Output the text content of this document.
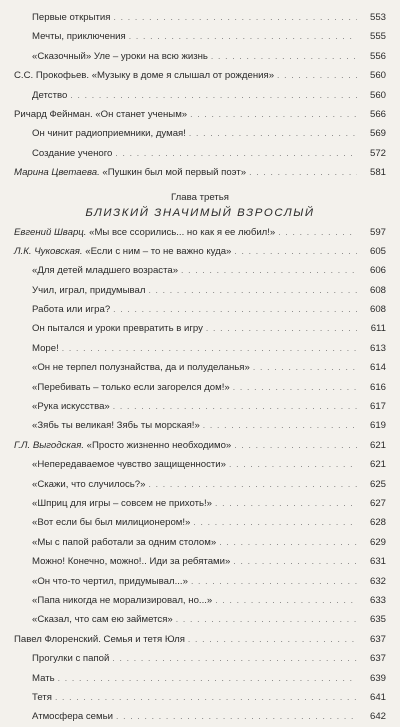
Первые открытия . . .	553
Мечты, приключения . . .	555
«Сказочный» Уле – уроки на всю жизнь . . .	556
С.С. Прокофьев. «Музыку в доме я слышал от рождения» . . .	560
Детство . . .	560
Ричард Фейнман. «Он станет ученым» . . .	566
Он чинит радиоприемники, думая! . . .	569
Создание ученого . . .	572
Марина Цветаева. «Пушкин был мой первый поэт» . . .	581
Глава третья
БЛИЗКИЙ ЗНАЧИМЫЙ ВЗРОСЛЫЙ
Евгений Шварц. «Мы все ссорились... но как я ее любил!» . . .	597
Л.К. Чуковская. «Если с ним – то не важно куда» . . .	605
«Для детей младшего возраста» . . .	606
Учил, играл, придумывал . . .	608
Работа или игра? . . .	608
Он пытался и уроки превратить в игру . . .	611
Море! . . .	613
«Он не терпел полузнайства, да и полуделанья» . . .	614
«Перебивать – только если загорелся дом!» . . .	616
«Рука искусства» . . .	617
«Зябь ты великая! Зябь ты морская!» . . .	619
Г.Л. Выгодская. «Просто жизненно необходимо» . . .	621
«Непередаваемое чувство защищенности» . . .	621
«Скажи, что случилось?» . . .	625
«Шприц для игры – совсем не прихоть!» . . .	627
«Вот если бы был милиционером!» . . .	628
«Мы с папой работали за одним столом» . . .	629
Можно! Конечно, можно!.. Иди за ребятами» . . .	631
«Он что-то чертил, придумывал...» . . .	632
«Папа никогда не морализировал, но...» . . .	633
«Сказал, что сам ею займется» . . .	635
Павел Флоренский. Семья и тетя Юля . . .	637
Прогулки с папой . . .	637
Мать . . .	639
Тетя . . .	641
Атмосфера семьи . . .	642
